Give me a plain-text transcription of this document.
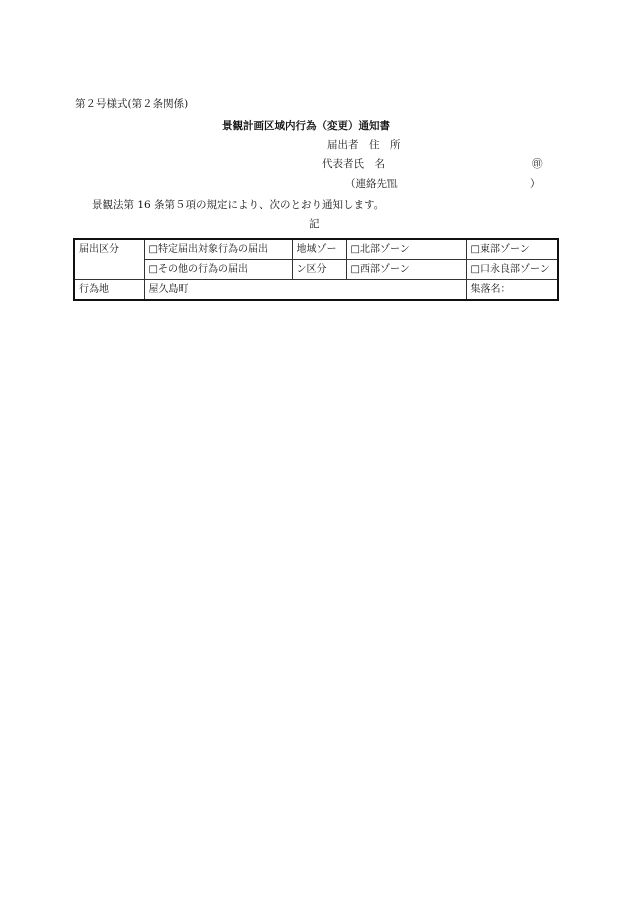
第２号様式(第２条関係)
景観計画区域内行為（変更）通知書
届出者　住　所
代表者氏　名	㊞
（連絡先℡	）
景観法第 16 条第５項の規定により、次のとおり通知します。
記
届出区分	□特定届出対象行為の届出	地域ゾー	□北部ゾーン	□東部ゾーン
	□その他の行為の届出	ン区分	□西部ゾーン	□口永良部ゾーン
行為地	屋久島町			集落名：
